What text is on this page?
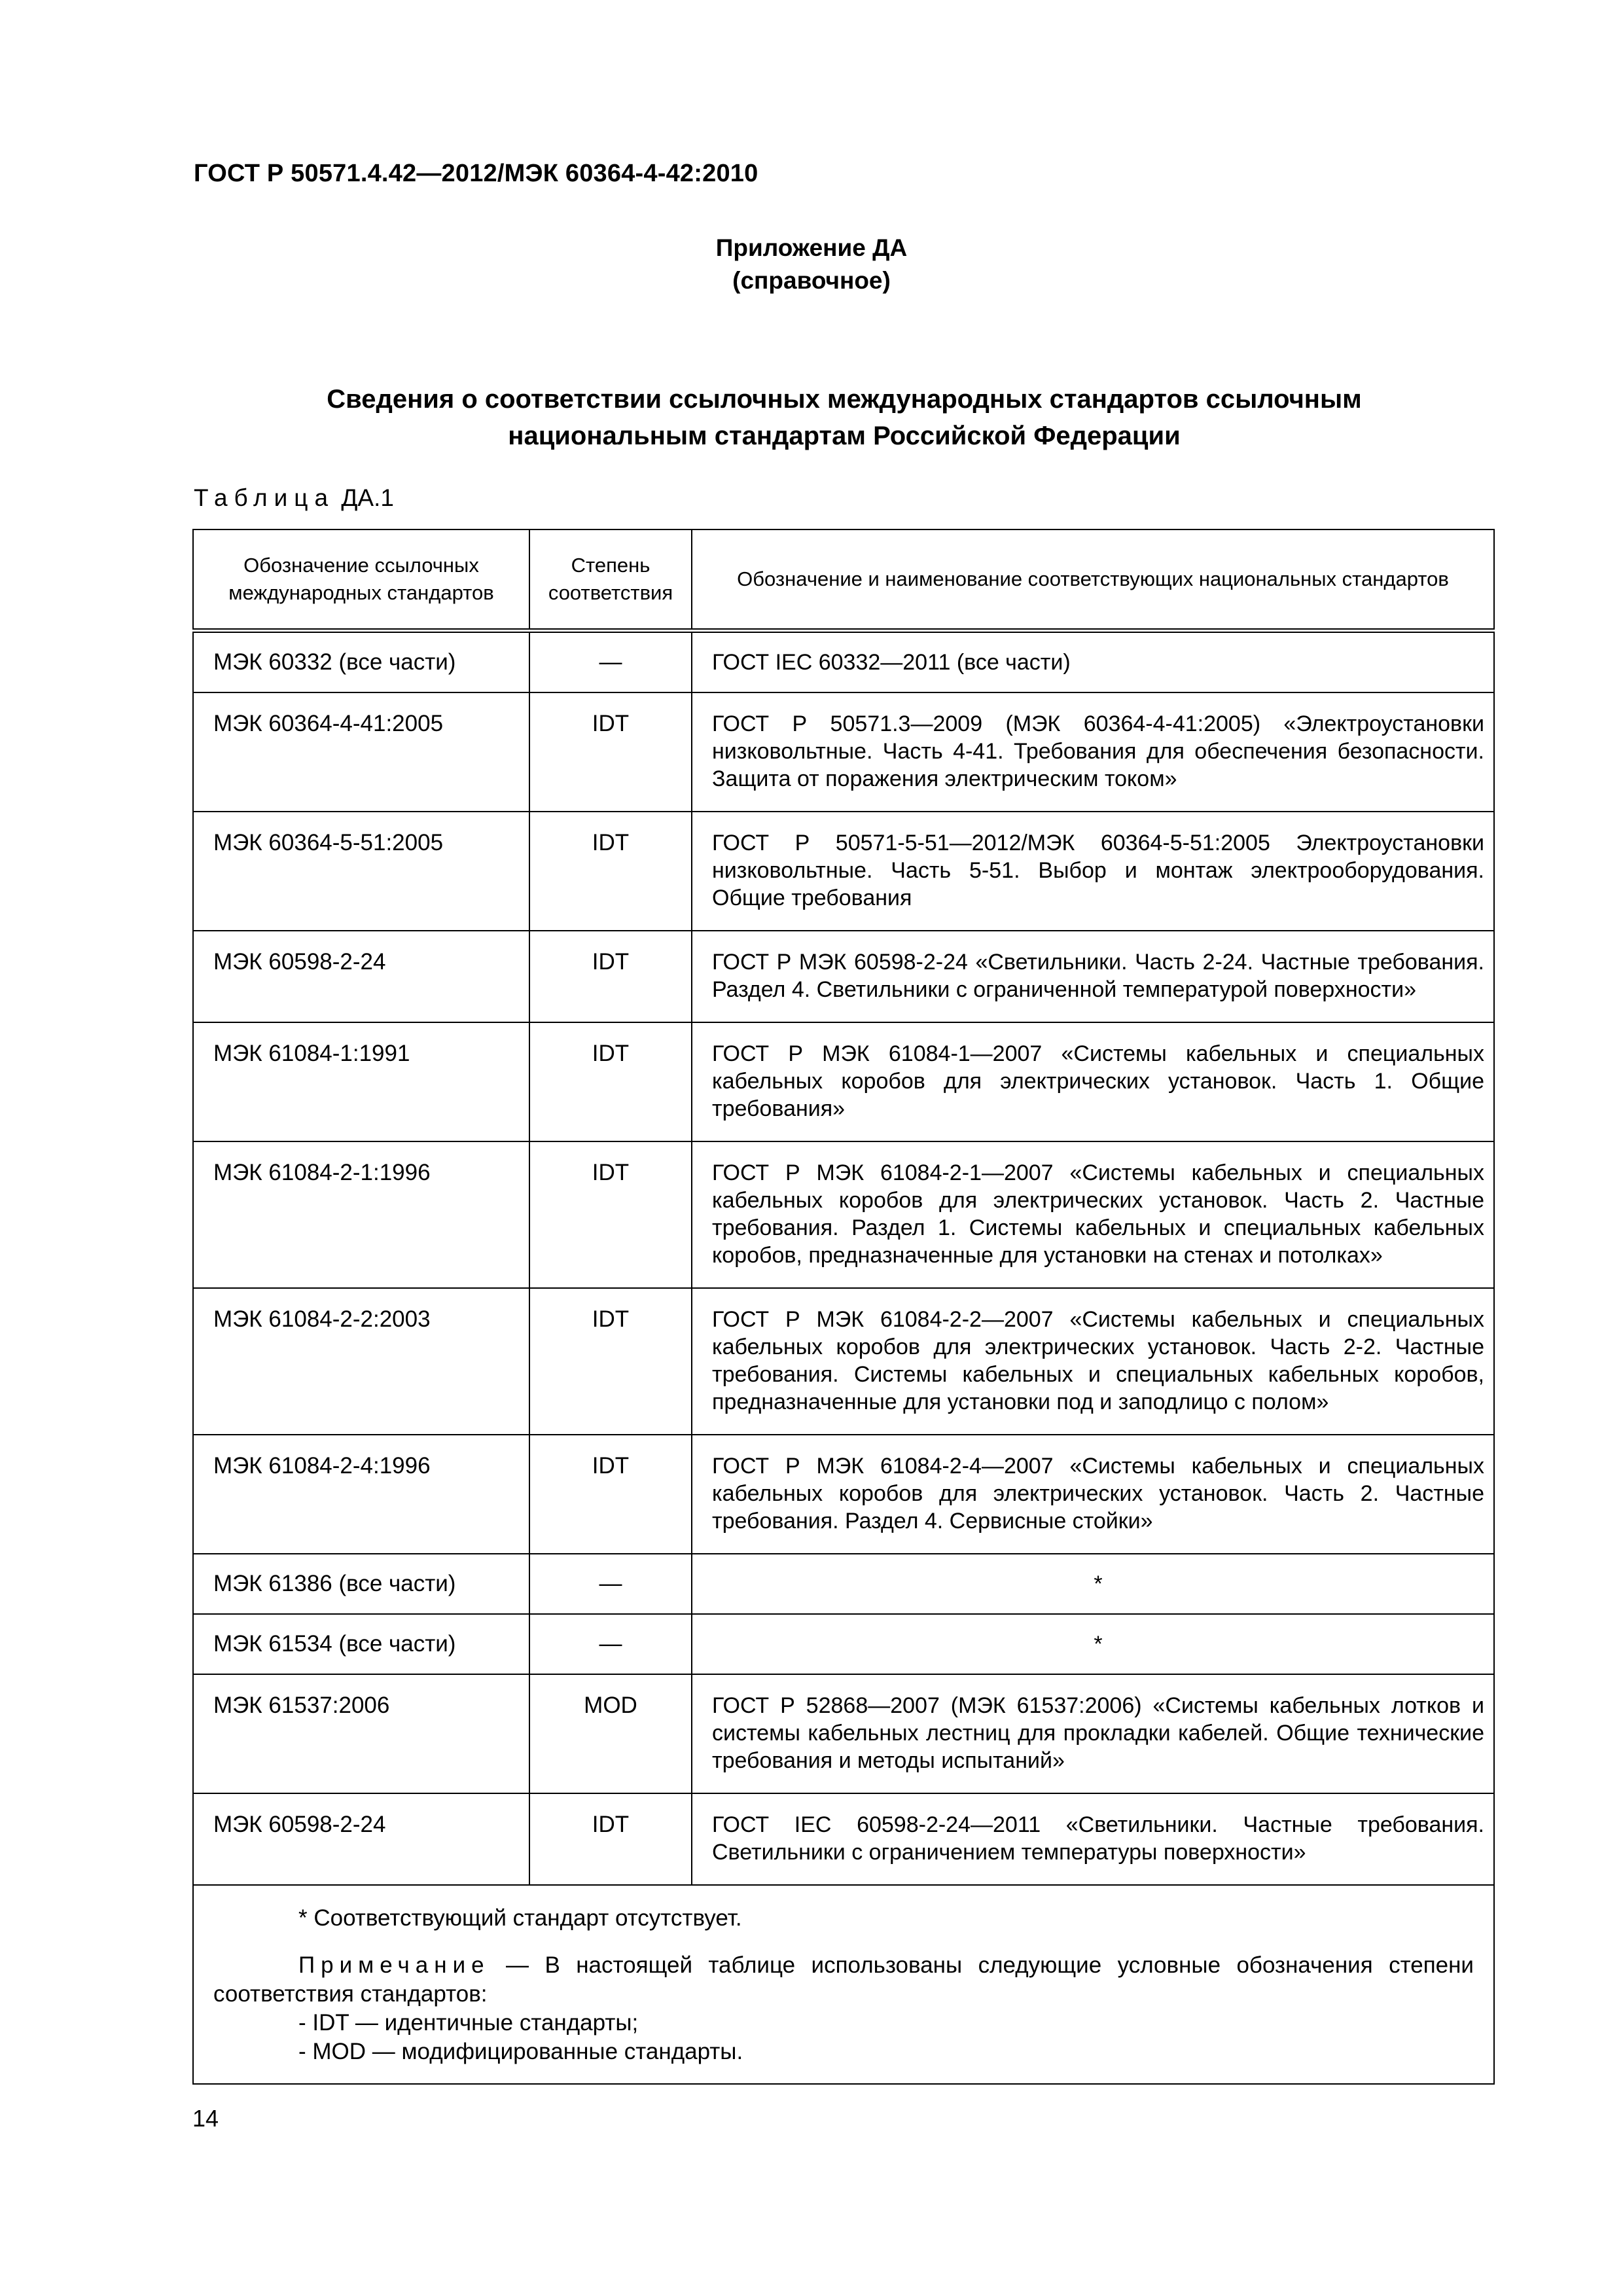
ГОСТ Р 50571.4.42—2012/МЭК 60364-4-42:2010
Приложение ДА
(справочное)
Сведения о соответствии ссылочных международных стандартов ссылочным
национальным стандартам Российской Федерации
Таблица ДА.1
Обозначение ссылочных международных стандартов	Степень соответствия	Обозначение и наименование соответствующих национальных стандартов
МЭК 60332 (все части)	—	ГОСТ IEC 60332—2011 (все части)
МЭК 60364-4-41:2005	IDT	ГОСТ Р 50571.3—2009 (МЭК 60364-4-41:2005) «Электроустановки низковольтные. Часть 4-41. Требования для обеспечения безопасности. Защита от поражения электрическим током»
МЭК 60364-5-51:2005	IDT	ГОСТ Р 50571-5-51—2012/МЭК 60364-5-51:2005 Электроустановки низковольтные. Часть 5-51. Выбор и монтаж электрооборудования. Общие требования
МЭК 60598-2-24	IDT	ГОСТ Р МЭК 60598-2-24 «Светильники. Часть 2-24. Частные требования. Раздел 4. Светильники с ограниченной температурой поверхности»
МЭК 61084-1:1991	IDT	ГОСТ Р МЭК 61084-1—2007 «Системы кабельных и специальных кабельных коробов для электрических установок. Часть 1. Общие требования»
МЭК 61084-2-1:1996	IDT	ГОСТ Р МЭК 61084-2-1—2007 «Системы кабельных и специальных кабельных коробов для электрических установок. Часть 2. Частные требования. Раздел 1. Системы кабельных и специальных кабельных коробов, предназначенные для установки на стенах и потолках»
МЭК 61084-2-2:2003	IDT	ГОСТ Р МЭК 61084-2-2—2007 «Системы кабельных и специальных кабельных коробов для электрических установок. Часть 2-2. Частные требования. Системы кабельных и специальных кабельных коробов, предназначенные для установки под и заподлицо с полом»
МЭК 61084-2-4:1996	IDT	ГОСТ Р МЭК 61084-2-4—2007 «Системы кабельных и специальных кабельных коробов для электрических установок. Часть 2. Частные требования. Раздел 4. Сервисные стойки»
МЭК 61386 (все части)	—	*
МЭК 61534 (все части)	—	*
МЭК 61537:2006	MOD	ГОСТ Р 52868—2007 (МЭК 61537:2006) «Системы кабельных лотков и системы кабельных лестниц для прокладки кабелей. Общие технические требования и методы испытаний»
МЭК 60598-2-24	IDT	ГОСТ IEC 60598-2-24—2011 «Светильники. Частные требования. Светильники с ограничением температуры поверхности»

* Соответствующий стандарт отсутствует.

Примечание — В настоящей таблице использованы следующие условные обозначения степени соответствия стандартов:

- IDT — идентичные стандарты;

- MOD — модифицированные стандарты.		

14
